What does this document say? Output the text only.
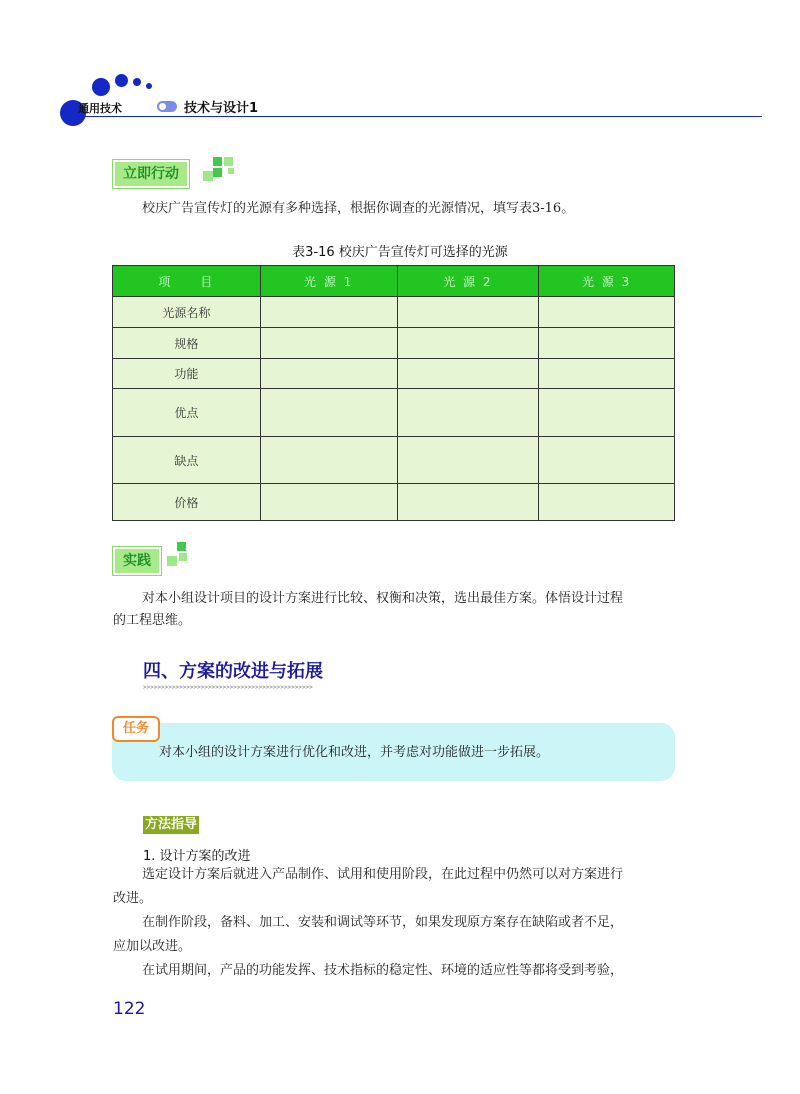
通用技术	技术与设计1
立即行动
校庆广告宣传灯的光源有多种选择，根据你调查的光源情况，填写表3-16。
表3-16 校庆广告宣传灯可选择的光源
项　　目	光 源 1	光 源 2	光 源 3
光源名称			
规格			
功能			
优点			
缺点			
价格			
实践
对本小组设计项目的设计方案进行比较、权衡和决策，选出最佳方案。体悟设计过程
的工程思维。
四、方案的改进与拓展
>>>>>>>>>>>>>>>>>>>>>>>>>>>>>>>>>>>>>>>>>>>>>>>
任务
对本小组的设计方案进行优化和改进，并考虑对功能做进一步拓展。
方法指导
1. 设计方案的改进
选定设计方案后就进入产品制作、试用和使用阶段，在此过程中仍然可以对方案进行
改进。
在制作阶段，备料、加工、安装和调试等环节，如果发现原方案存在缺陷或者不足，
应加以改进。
在试用期间，产品的功能发挥、技术指标的稳定性、环境的适应性等都将受到考验，
122
